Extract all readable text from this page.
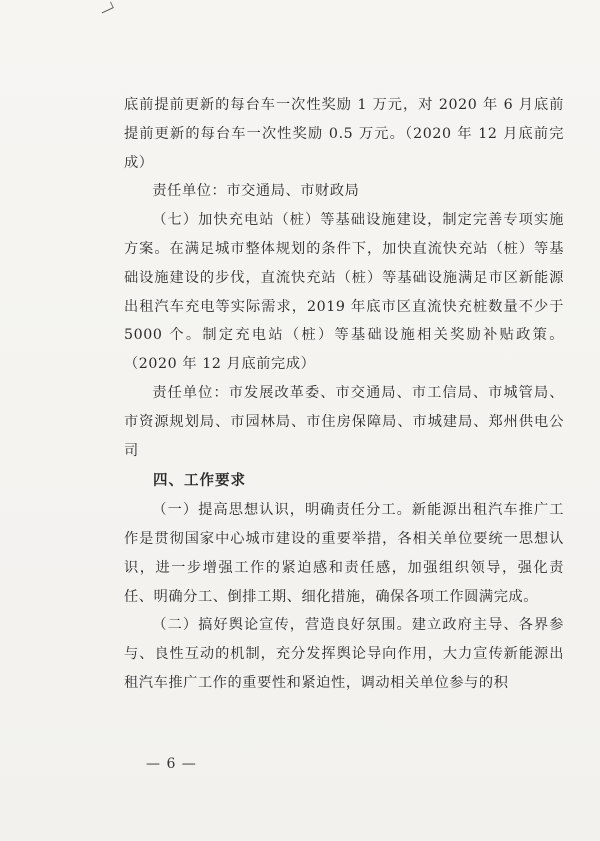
底前提前更新的每台车一次性奖励 1 万元，对 2020 年 6 月底前提前更新的每台车一次性奖励 0.5 万元。（2020 年 12 月底前完成）

责任单位：市交通局、市财政局

（七）加快充电站（桩）等基础设施建设，制定完善专项实施方案。在满足城市整体规划的条件下，加快直流快充站（桩）等基础设施建设的步伐，直流快充站（桩）等基础设施满足市区新能源出租汽车充电等实际需求，2019 年底市区直流快充桩数量不少于 5000 个。制定充电站（桩）等基础设施相关奖励补贴政策。（2020 年 12 月底前完成）

责任单位：市发展改革委、市交通局、市工信局、市城管局、市资源规划局、市园林局、市住房保障局、市城建局、郑州供电公司

四、工作要求

（一）提高思想认识，明确责任分工。新能源出租汽车推广工作是贯彻国家中心城市建设的重要举措，各相关单位要统一思想认识，进一步增强工作的紧迫感和责任感，加强组织领导，强化责任、明确分工、倒排工期、细化措施，确保各项工作圆满完成。

（二）搞好舆论宣传，营造良好氛围。建立政府主导、各界参与、良性互动的机制，充分发挥舆论导向作用，大力宣传新能源出租汽车推广工作的重要性和紧迫性，调动相关单位参与的积

— 6 —
